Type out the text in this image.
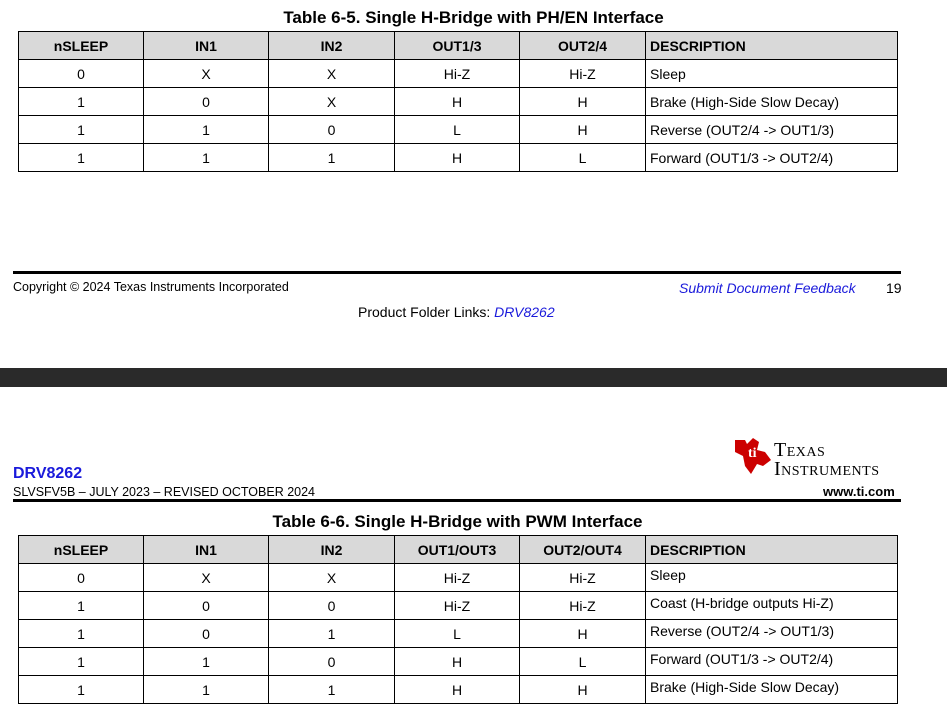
Table 6-5. Single H-Bridge with PH/EN Interface
nSLEEP	IN1	IN2	OUT1/3	OUT2/4	DESCRIPTION
0	X	X	Hi-Z	Hi-Z	Sleep
1	0	X	H	H	Brake (High-Side Slow Decay)
1	1	0	L	H	Reverse (OUT2/4 -> OUT1/3)
1	1	1	H	L	Forward (OUT1/3 -> OUT2/4)
Copyright © 2024 Texas Instruments Incorporated	Submit Document Feedback 19
Product Folder Links: DRV8262
DRV8262
SLVSFV5B – JULY 2023 – REVISED OCTOBER 2024
ti Texas
Instruments
www.ti.com
Table 6-6. Single H-Bridge with PWM Interface
nSLEEP	IN1	IN2	OUT1/OUT3	OUT2/OUT4	DESCRIPTION
0	X	X	Hi-Z	Hi-Z	Sleep
1	0	0	Hi-Z	Hi-Z	Coast (H-bridge outputs Hi-Z)
1	0	1	L	H	Reverse (OUT2/4 -> OUT1/3)
1	1	0	H	L	Forward (OUT1/3 -> OUT2/4)
1	1	1	H	H	Brake (High-Side Slow Decay)
